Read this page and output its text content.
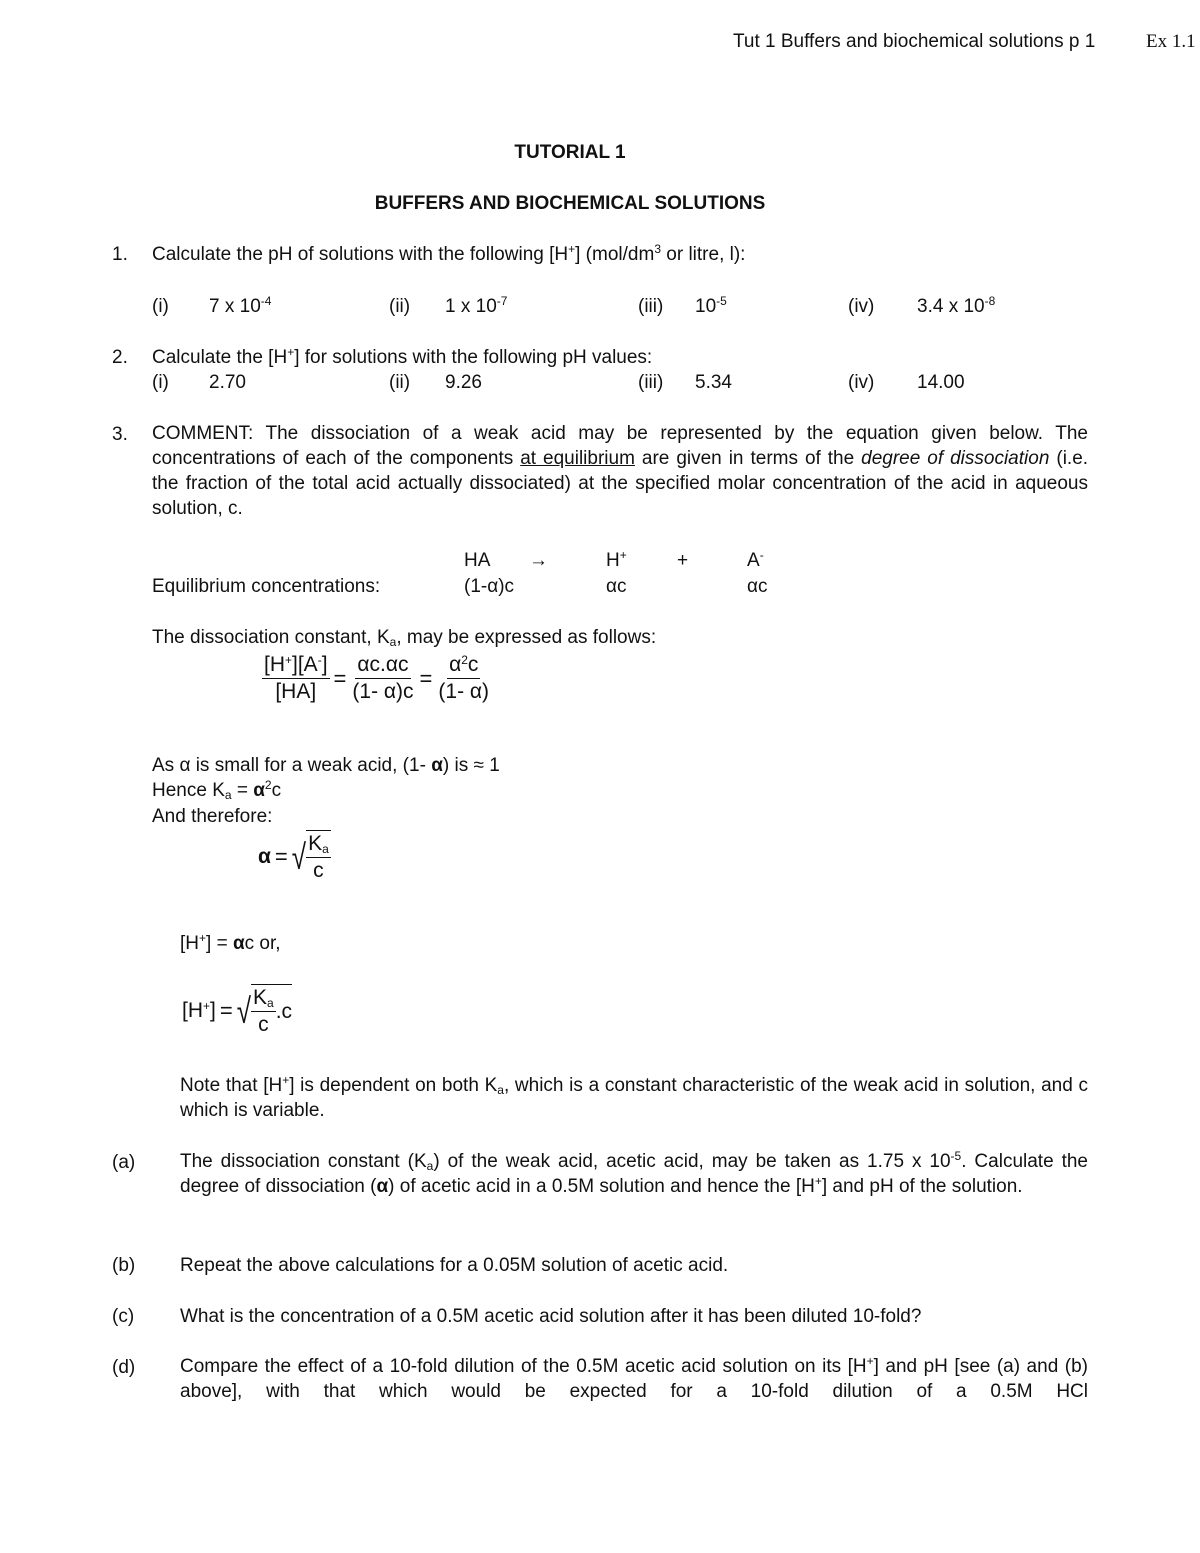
Tut 1 Buffers and biochemical solutions p 1	Ex 1.1
TUTORIAL 1
BUFFERS AND BIOCHEMICAL SOLUTIONS
1. Calculate the pH of solutions with the following [H+] ($mol/dm^3$ or litre, l):
(i) 7 x $10^{-4}$	(ii) 1 x $10^{-7}$	(iii) $10^{-5}$	(iv) 3.4 x $10^{-8}$
2. Calculate the [H+] for solutions with the following pH values:
(i) 2.70	(ii) 9.26	(iii) 5.34	(iv) 14.00
3. COMMENT: The dissociation of a weak acid may be represented by the equation given below. The concentrations of each of the components at equilibrium are given in terms of the degree of dissociation (i.e. the fraction of the total acid actually dissociated) at the specified molar concentration of the acid in aqueous solution, c.
HA →	H+	+	A-
Equilibrium concentrations:	(1-α)c	αc	αc
The dissociation constant, $K_a$, may be expressed as follows:
$\frac{[H^+][A^-]}{[HA]} = \frac{\alpha c.\alpha c}{(1- \alpha)c} = \frac{\alpha^2c}{(1- \alpha)}$
As α is small for a weak acid, (1- α) is ≈ 1
Hence $K_a = \alpha^2c$
And therefore:
α = √ $K_a$
c
[H+] = αc or,
[H+] = √ $K_a$
c
.c
Note that [H+] is dependent on both $K_a$, which is a constant characteristic of the weak acid in solution, and c which is variable.
(a) The dissociation constant $(K_a)$ of the weak acid, acetic acid, may be taken as 1.75 x $10^{-5}$. Calculate the degree of dissociation (α) of acetic acid in a 0.5M solution and hence the [H+] and pH of the solution.
(b) Repeat the above calculations for a 0.05M solution of acetic acid.
(c) What is the concentration of a 0.5M acetic acid solution after it has been diluted 10-fold?
(d) Compare the effect of a 10-fold dilution of the 0.5M acetic acid solution on its [H+] and pH [see (a) and (b) above], with that which would be expected for a 10-fold dilution of a 0.5M HCl
